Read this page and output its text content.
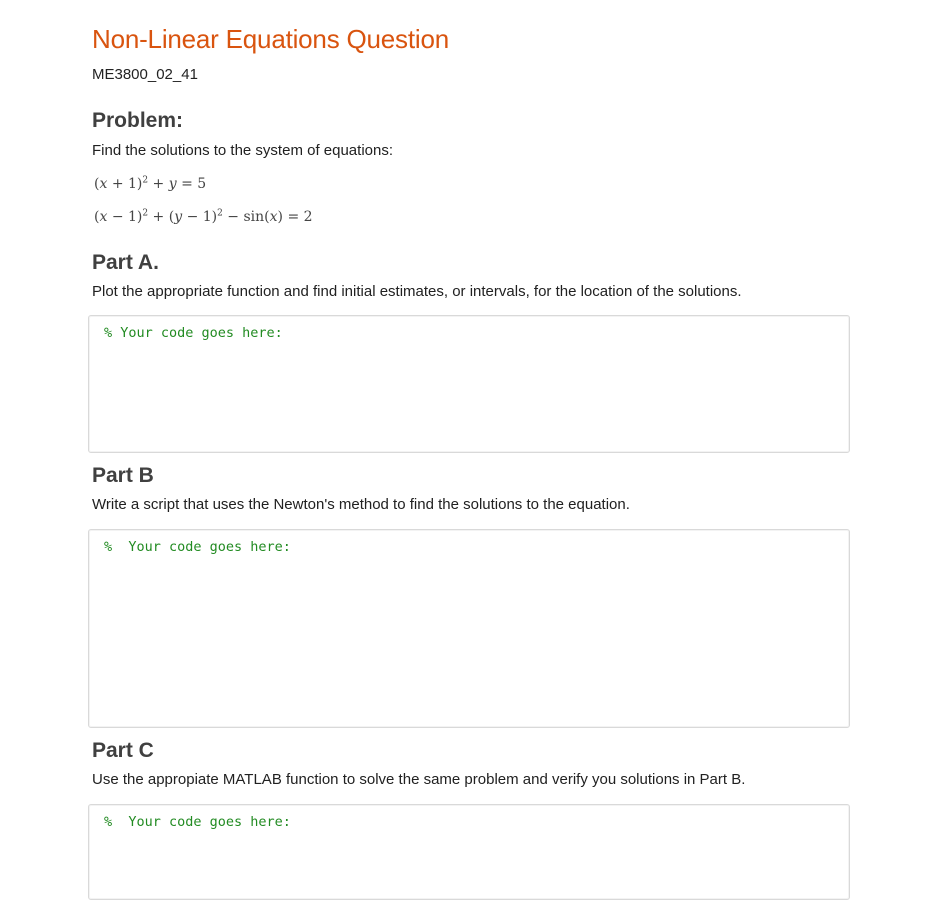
Non-Linear Equations Question
ME3800_02_41
Problem:
Find the solutions to the system of equations:
$(x + 1)^2 + y = 5$
$(x - 1)^2 + (y - 1)^2 - \sin(x) = 2$
Part A.
Plot the appropriate function and find initial estimates, or intervals, for the location of the solutions.
% Your code goes here:
Part B
Write a script that uses the Newton's method to find the solutions to the equation.
%  Your code goes here:
Part C
Use the appropiate MATLAB function to solve the same problem and verify you solutions in Part B.
%  Your code goes here:
